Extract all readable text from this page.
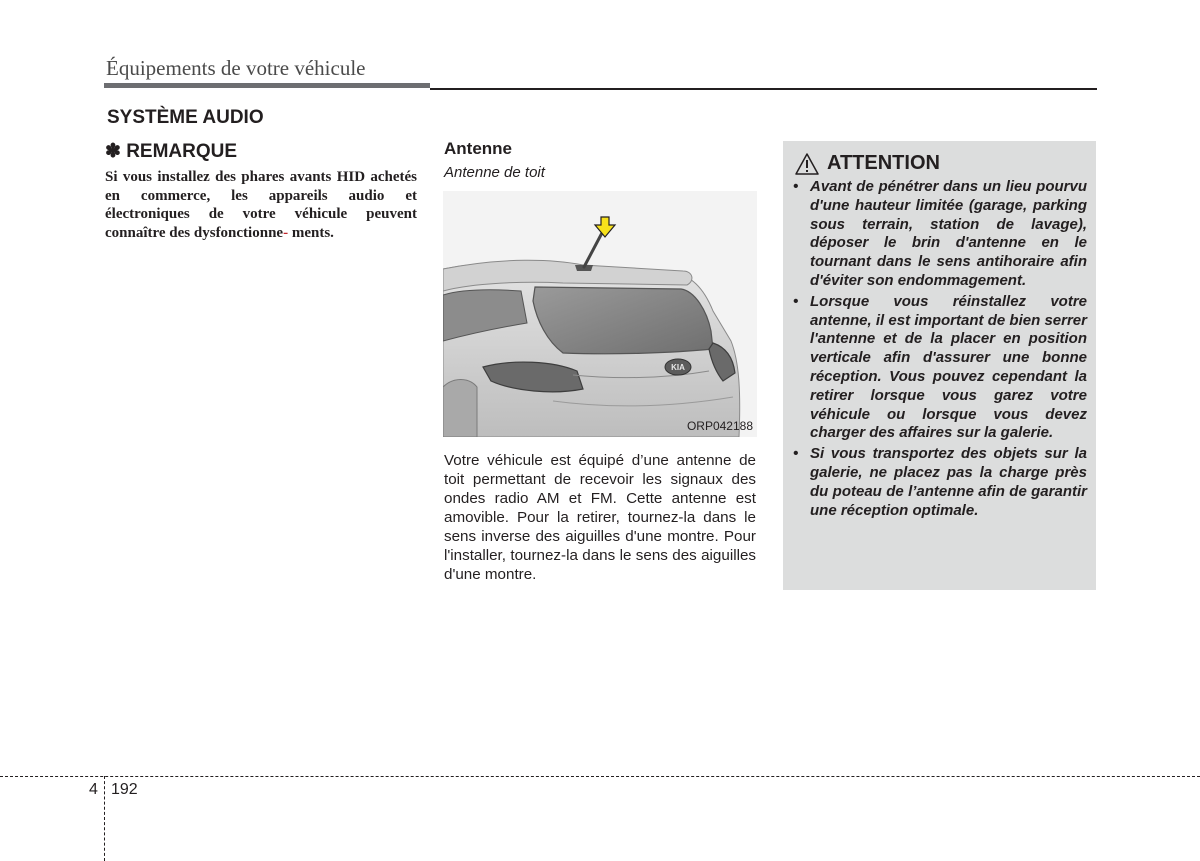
Équipements de votre véhicule
SYSTÈME AUDIO
✽ REMARQUE
Si vous installez des phares avants HID achetés en commerce, les appareils audio et électroniques de votre véhicule peuvent connaître des dysfonctionne- ments.
Antenne
Antenne de toit
KIA
ORP042188
Votre véhicule est équipé d’une antenne de toit permettant de recevoir les signaux des ondes radio AM et FM. Cette antenne est amovible. Pour la retirer, tournez-la dans le sens inverse des aiguilles d'une montre. Pour l'installer, tournez-la dans le sens des aiguilles d'une montre.
ATTENTION
• Avant de pénétrer dans un lieu pourvu d'une hauteur limitée (garage, parking sous terrain, station de lavage), déposer le brin d'antenne en le tournant dans le sens antihoraire afin d'éviter son endommagement.
• Lorsque vous réinstallez votre antenne, il est important de bien serrer l'antenne et de la placer en position verticale afin d'assurer une bonne réception. Vous pouvez cependant la retirer lorsque vous garez votre véhicule ou lorsque vous devez charger des affaires sur la galerie.
• Si vous transportez des objets sur la galerie, ne placez pas la charge près du poteau de l’antenne afin de garantir une réception optimale.
4 192
